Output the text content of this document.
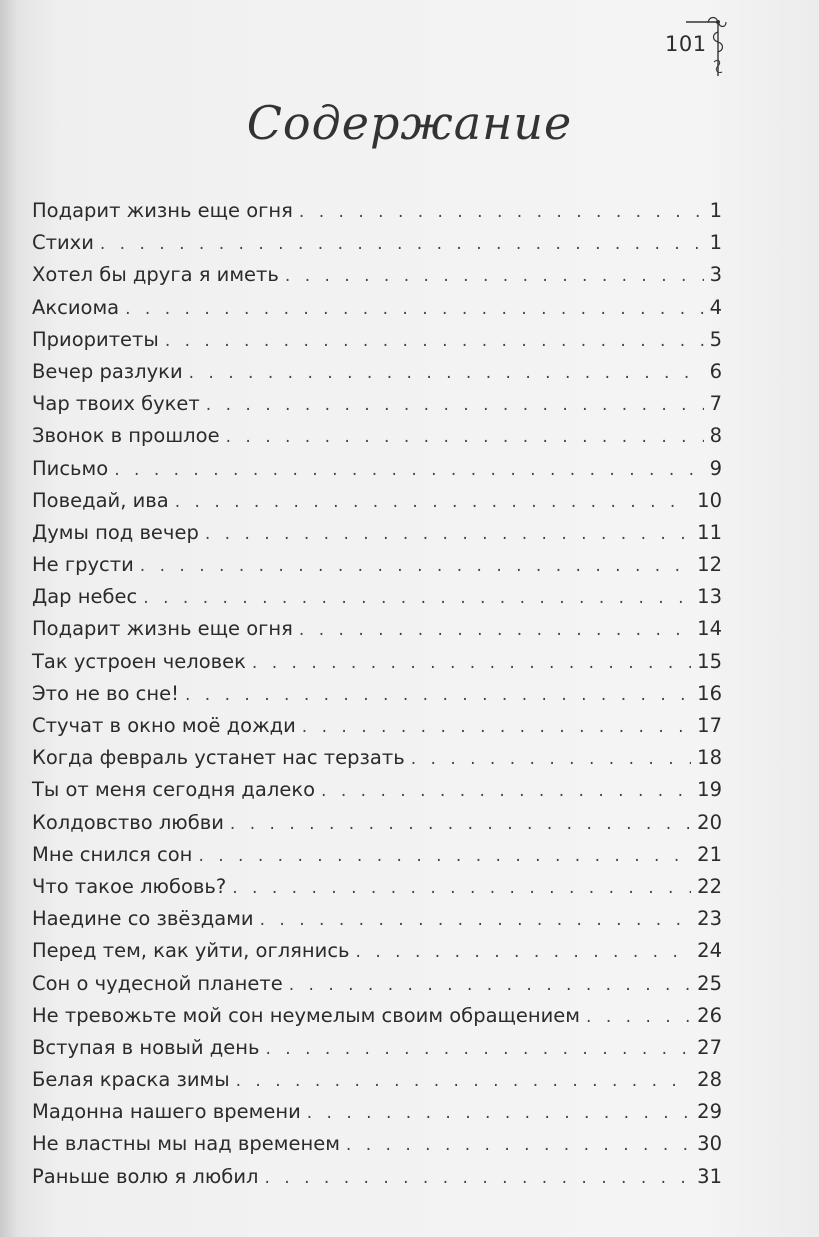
101
Содержание
Подарит жизнь еще огня . . .	1
Стихи . . .	1
Хотел бы друга я иметь . . .	3
Аксиома . . .	4
Приоритеты . . .	5
Вечер разлуки . . .	6
Чар твоих букет . . .	7
Звонок в прошлое . . .	8
Письмо . . .	9
Поведай, ива . . .	10
Думы под вечер . . .	11
Не грусти . . .	12
Дар небес . . .	13
Подарит жизнь еще огня . . .	14
Так устроен человек . . .	15
Это не во сне! . . .	16
Стучат в окно моё дожди . . .	17
Когда февраль устанет нас терзать . . .	18
Ты от меня сегодня далеко . . .	19
Колдовство любви . . .	20
Мне снился сон . . .	21
Что такое любовь? . . .	22
Наедине со звёздами . . .	23
Перед тем, как уйти, оглянись . . .	24
Сон о чудесной планете . . .	25
Не тревожьте мой сон неумелым своим обращением . . .	26
Вступая в новый день . . .	27
Белая краска зимы . . .	28
Мадонна нашего времени . . .	29
Не властны мы над временем . . .	30
Раньше волю я любил . . .	31
